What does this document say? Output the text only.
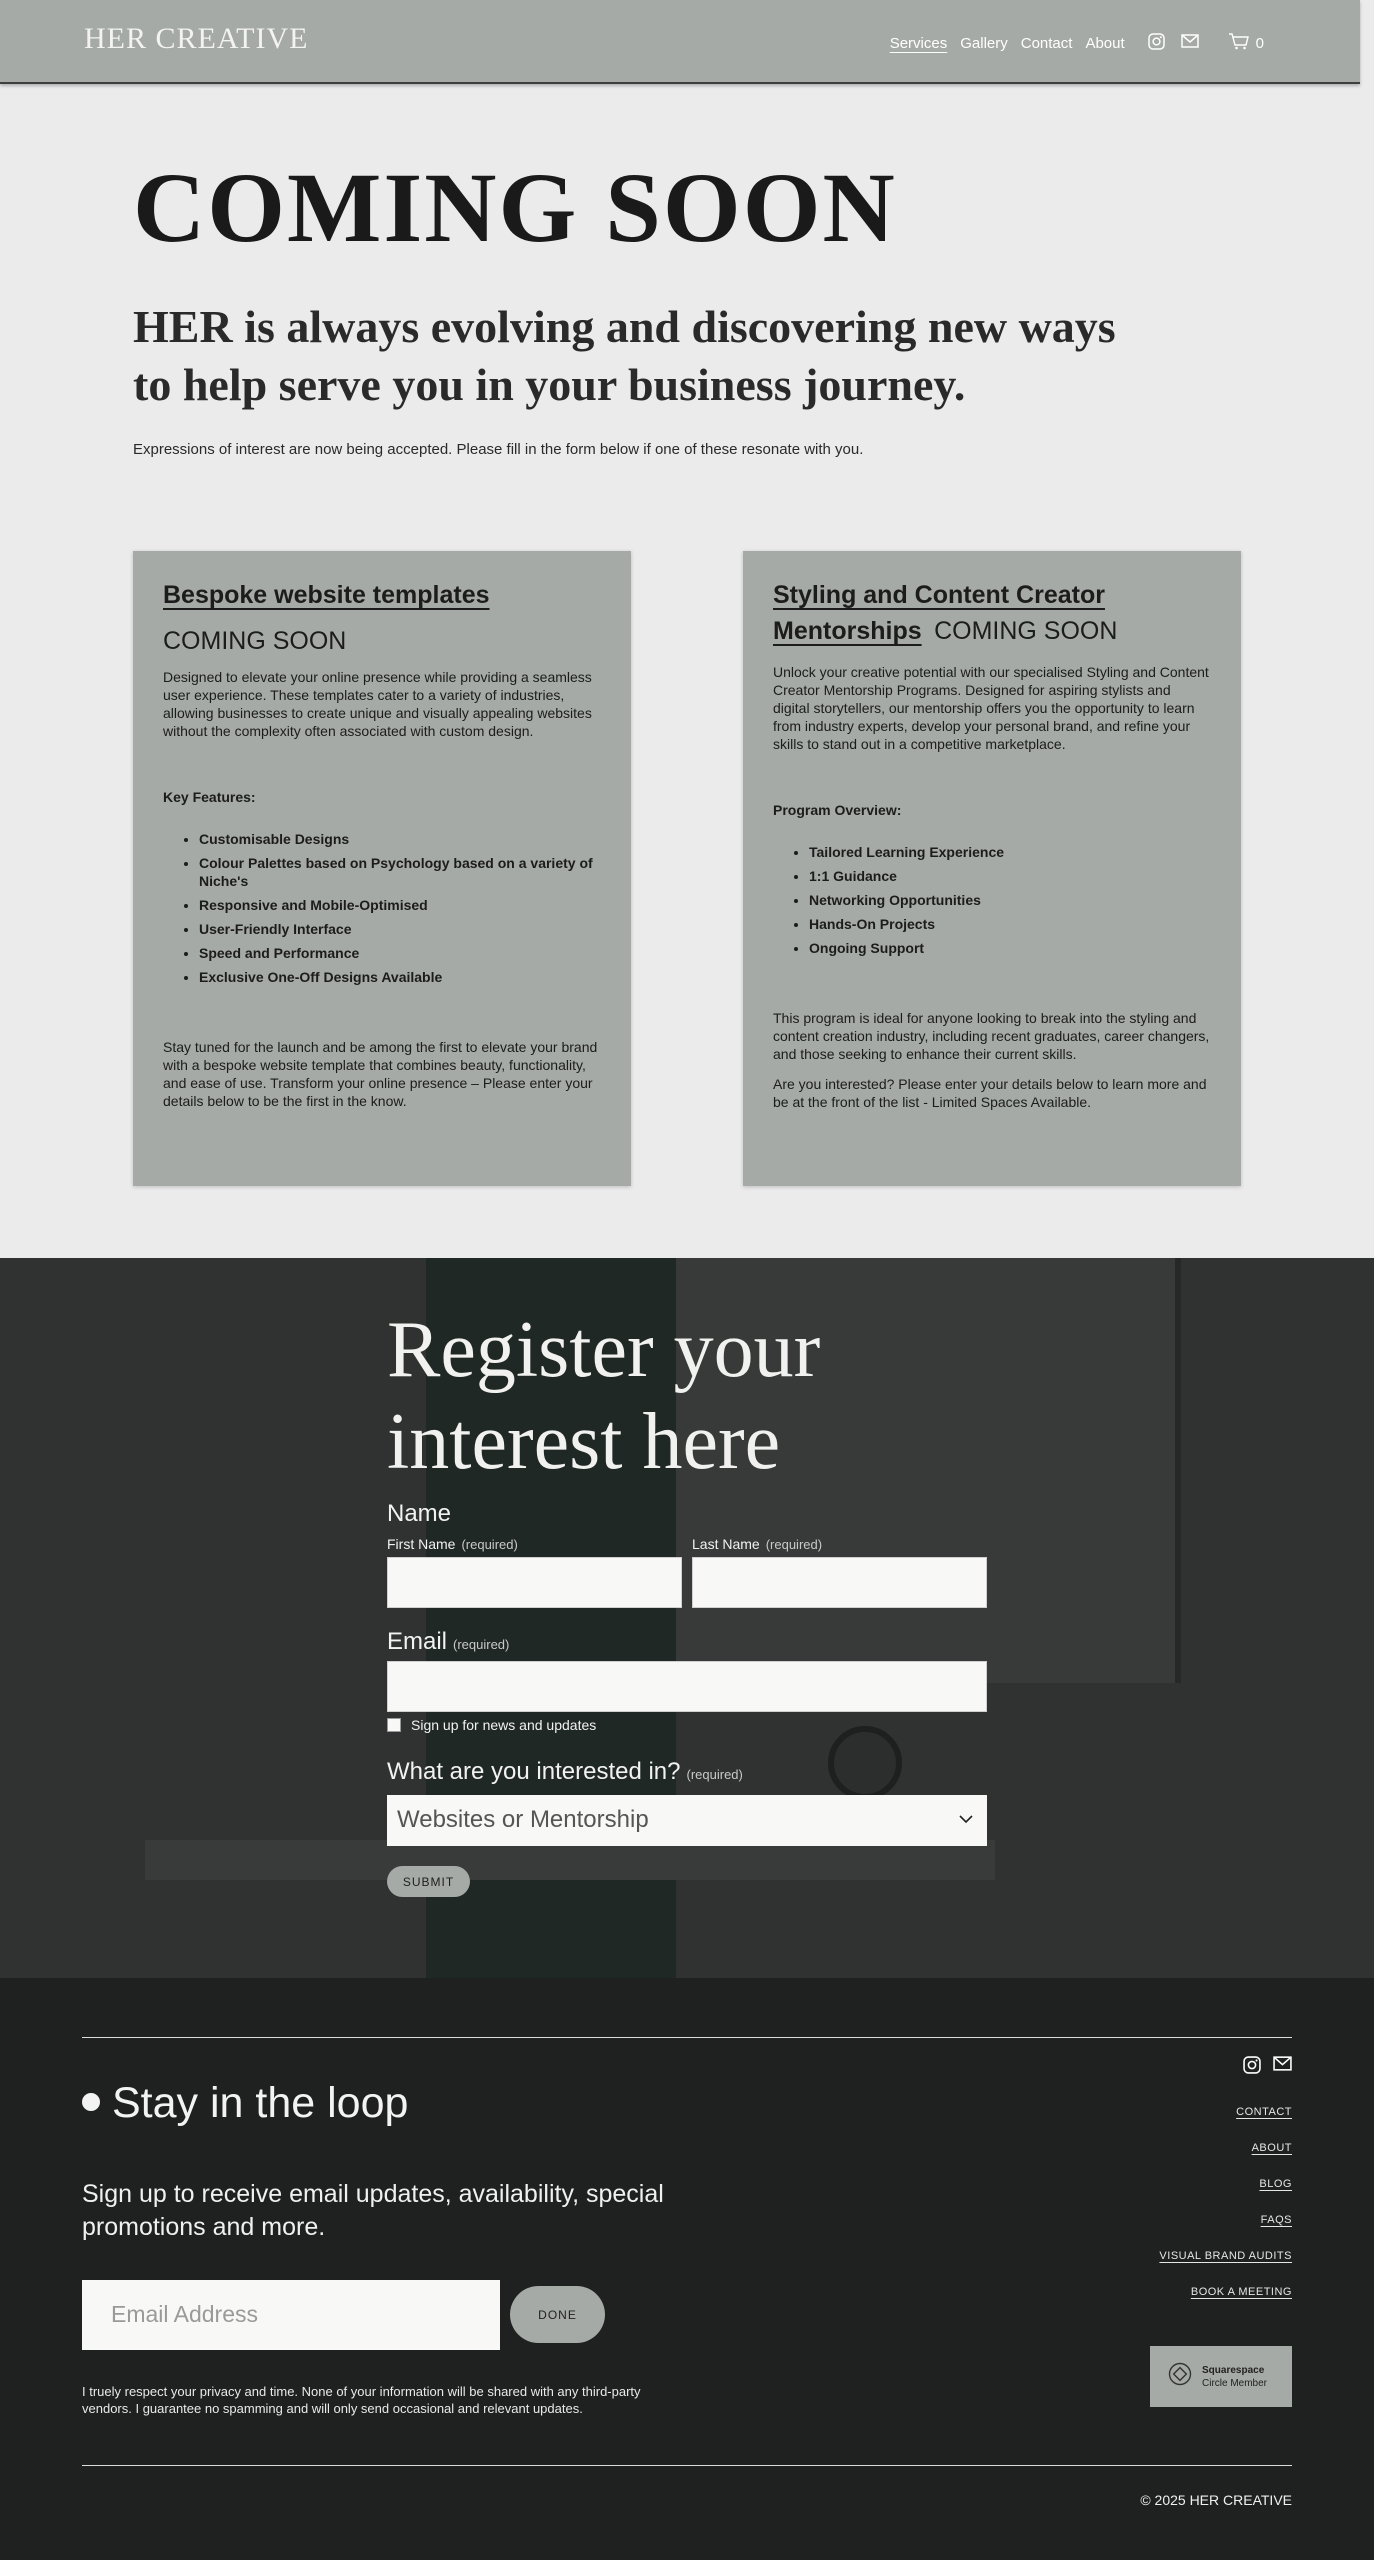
HER CREATIVE	Services Gallery Contact About	0
COMING SOON
HER is always evolving and discovering new ways to help serve you in your business journey.

Expressions of interest are now being accepted. Please fill in the form below if one of these resonate with you.

Bespoke website templates
COMING SOON

Designed to elevate your online presence while providing a seamless user experience. These templates cater to a variety of industries, allowing businesses to create unique and visually appealing websites without the complexity often associated with custom design.

Key Features:

• Customisable Designs
• Colour Palettes based on Psychology based on a variety of Niche's
• Responsive and Mobile-Optimised
• User-Friendly Interface
• Speed and Performance
• Exclusive One-Off Designs Available

Stay tuned for the launch and be among the first to elevate your brand with a bespoke website template that combines beauty, functionality, and ease of use. Transform your online presence – Please enter your details below to be the first in the know.

Styling and Content Creator
Mentorships COMING SOON

Unlock your creative potential with our specialised Styling and Content Creator Mentorship Programs. Designed for aspiring stylists and digital storytellers, our mentorship offers you the opportunity to learn from industry experts, develop your personal brand, and refine your skills to stand out in a competitive marketplace.

Program Overview:

• Tailored Learning Experience
• 1:1 Guidance
• Networking Opportunities
• Hands-On Projects
• Ongoing Support

This program is ideal for anyone looking to break into the styling and content creation industry, including recent graduates, career changers, and those seeking to enhance their current skills.

Are you interested? Please enter your details below to learn more and be at the front of the list - Limited Spaces Available.

Register your
interest here
Name
First Name (required)	Last Name (required)
Email (required)
Sign up for news and updates
What are you interested in? (required)
Websites or Mentorship
SUBMIT
Stay in the loop
Sign up to receive email updates, availability, special promotions and more.
Email Address	DONE
I truely respect your privacy and time. None of your information will be shared with any third-party vendors. I guarantee no spamming and will only send occasional and relevant updates.
CONTACT
ABOUT
BLOG
FAQS
VISUAL BRAND AUDITS
BOOK A MEETING
Squarespace
Circle Member
© 2025 HER CREATIVE
